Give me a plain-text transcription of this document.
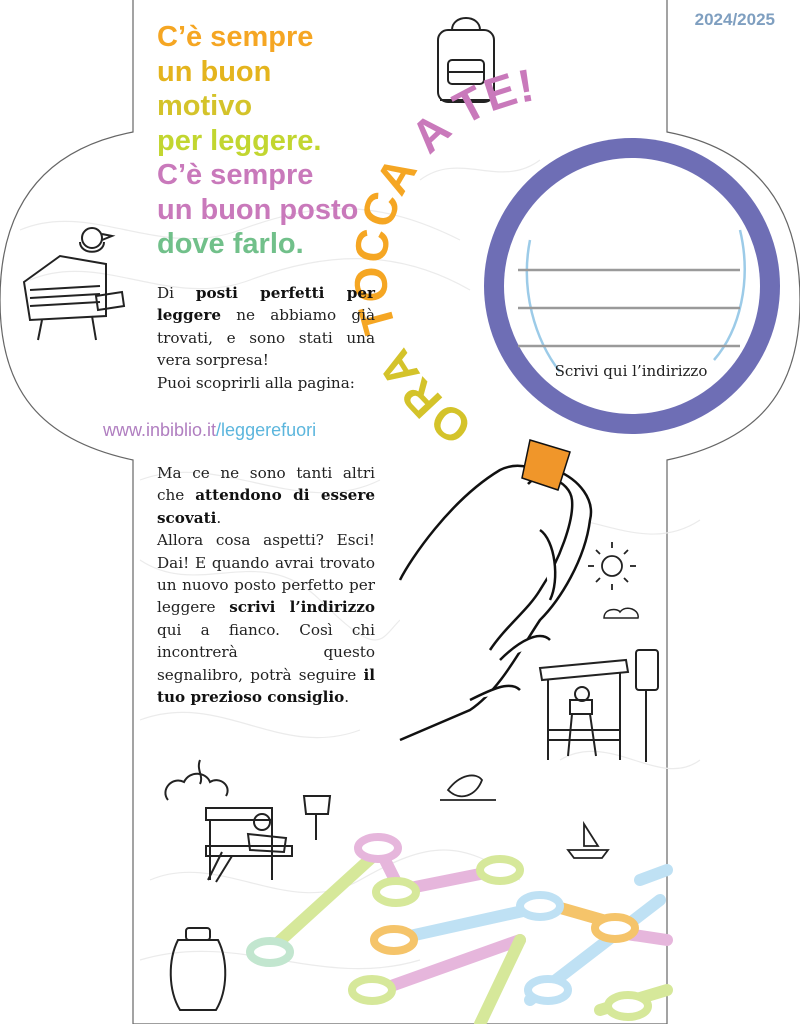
ORA TOCCA A TE!
2024/2025
C’è sempre
un buon
motivo
per leggere.
C’è sempre
un buon posto
dove farlo.
Di posti perfetti per leggere ne abbiamo già trovati, e sono stati una vera sorpresa!
Puoi scoprirli alla pagina:
www.inbiblio.it/leggerefuori
Ma ce ne sono tanti altri che attendono di essere scovati.
Allora cosa aspetti? Esci! Dai! E quando avrai trovato un nuovo posto perfetto per leggere scrivi l’indirizzo qui a fianco. Così chi incontrerà questo segnalibro, potrà seguire il tuo prezioso consiglio.
Scrivi qui l’indirizzo
